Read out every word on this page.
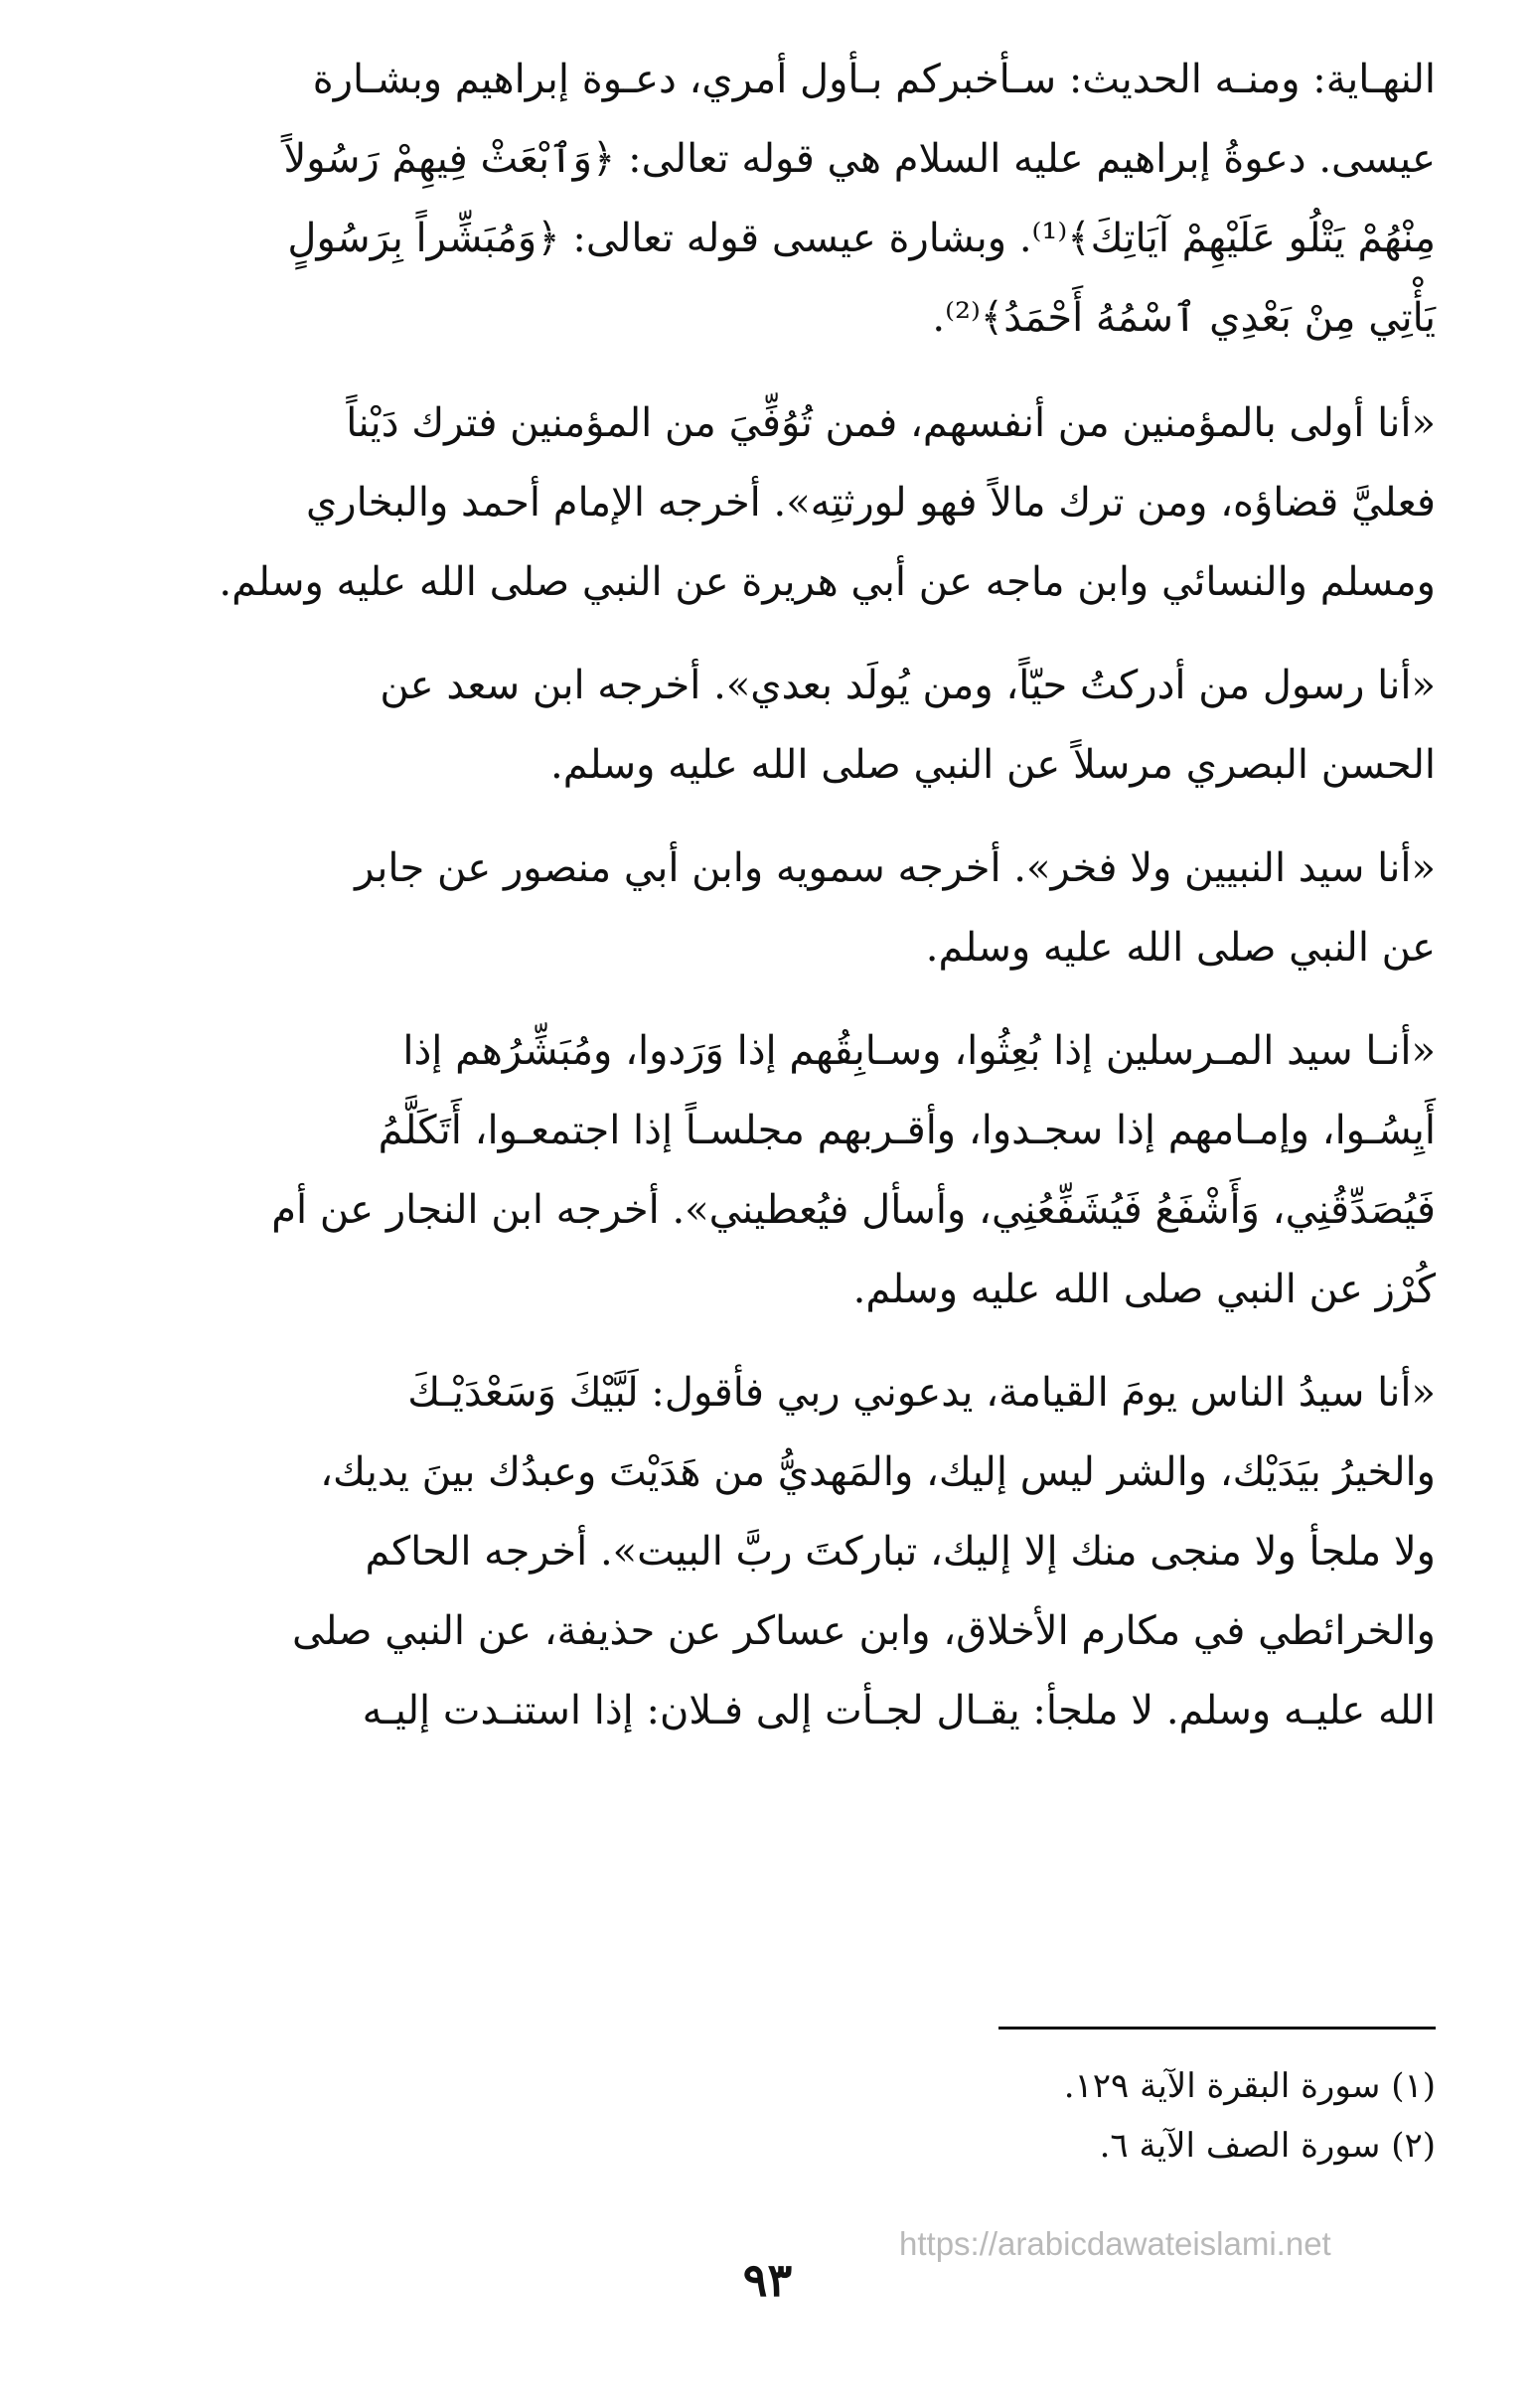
النهـاية: ومنـه الحديث: سـأخبركم بـأول أمري، دعـوة إبراهيم وبشـارة
عيسى. دعوةُ إبراهيم عليه السلام هي قوله تعالى: ﴿وَٱبْعَثْ فِيهِمْ رَسُولاً
مِنْهُمْ يَتْلُو عَلَيْهِمْ آيَاتِكَ﴾⁽¹⁾. وبشارة عيسى قوله تعالى: ﴿وَمُبَشِّراً بِرَسُولٍ
يَأْتِي مِنْ بَعْدِي ٱسْمُهُ أَحْمَدُ﴾⁽²⁾.

«أنا أولى بالمؤمنين من أنفسهم، فمن تُوُفِّيَ من المؤمنين فترك دَيْناً
فعليَّ قضاؤه، ومن ترك مالاً فهو لورثتِه». أخرجه الإمام أحمد والبخاري
ومسلم والنسائي وابن ماجه عن أبي هريرة عن النبي صلى الله عليه وسلم.

«أنا رسول من أدركتُ حيّاً، ومن يُولَد بعدي». أخرجه ابن سعد عن
الحسن البصري مرسلاً عن النبي صلى الله عليه وسلم.

«أنا سيد النبيين ولا فخر». أخرجه سمويه وابن أبي منصور عن جابر
عن النبي صلى الله عليه وسلم.

«أنـا سيد المـرسلين إذا بُعِثُوا، وسـابِقُهم إذا وَرَدوا، ومُبَشِّرُهم إذا
أَيِسُـوا، وإمـامهم إذا سجـدوا، وأقـربهم مجلسـاً إذا اجتمعـوا، أَتَكَلَّمُ
فَيُصَدِّقُنِي، وَأَشْفَعُ فَيُشَفِّعُنِي، وأسأل فيُعطيني». أخرجه ابن النجار عن أم
كُرْز عن النبي صلى الله عليه وسلم.

«أنا سيدُ الناس يومَ القيامة، يدعوني ربي فأقول: لَبَّيْكَ وَسَعْدَيْـكَ
والخيرُ بيَدَيْك، والشر ليس إليك، والمَهديُّ من هَدَيْتَ وعبدُك بينَ يديك،
ولا ملجأ ولا منجى منك إلا إليك، تباركتَ ربَّ البيت». أخرجه الحاكم
والخرائطي في مكارم الأخلاق، وابن عساكر عن حذيفة، عن النبي صلى
الله عليـه وسلم. لا ملجأ: يقـال لجـأت إلى فـلان: إذا استنـدت إليـه

(١) سورة البقرة الآية ١٢٩.

(٢) سورة الصف الآية ٦.

٩٣
https://arabicdawateislami.net
